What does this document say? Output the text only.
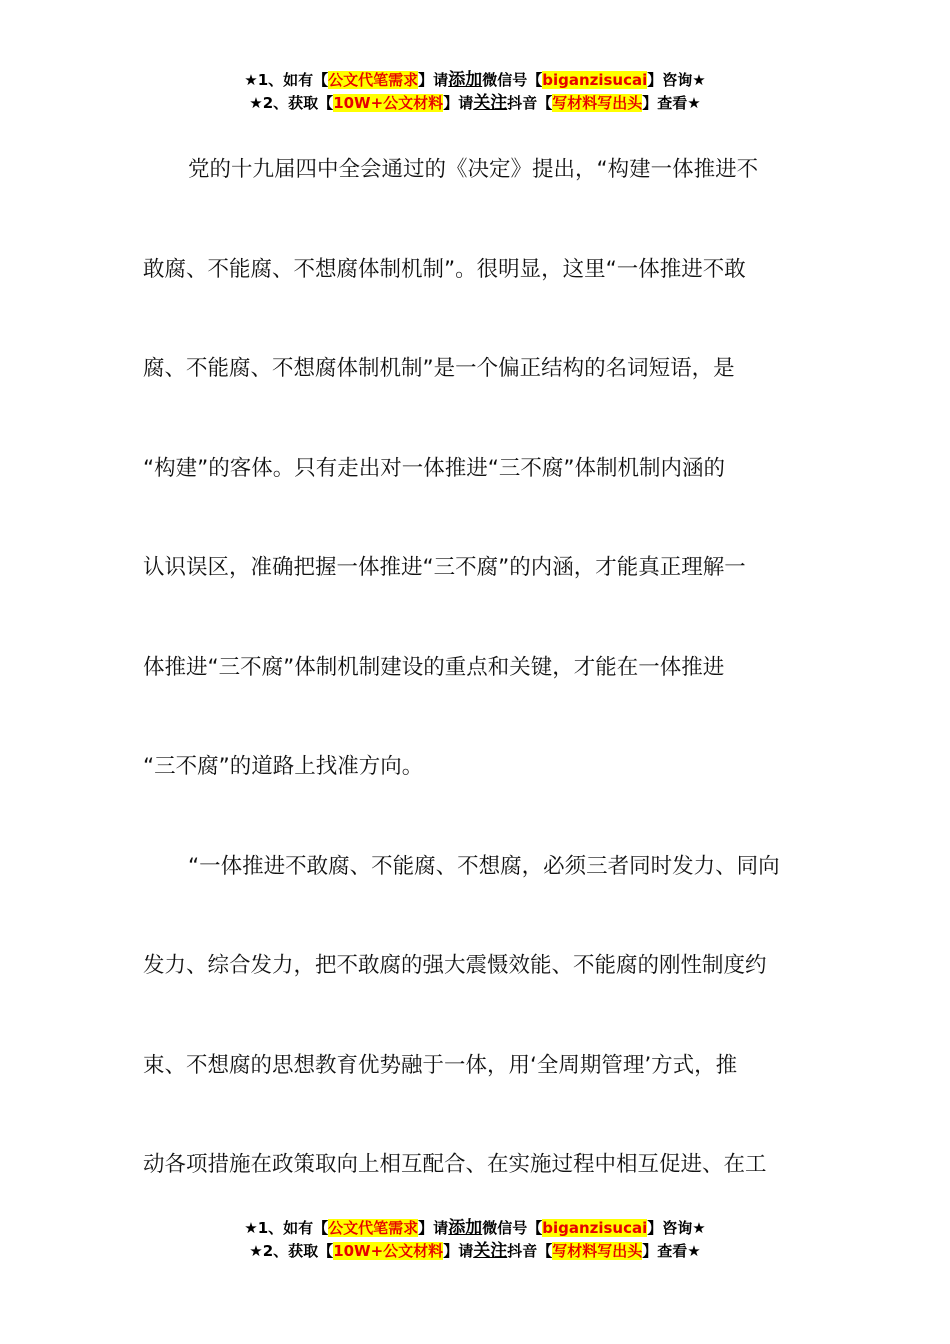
★1、如有【公文代笔需求】请添加微信号【biganzisucai】咨询★
★2、获取【10W+公文材料】请关注抖音【写材料写出头】查看★
党的十九届四中全会通过的《决定》提出，“构建一体推进不
敢腐、不能腐、不想腐体制机制”。很明显，这里“一体推进不敢
腐、不能腐、不想腐体制机制”是一个偏正结构的名词短语，是
“构建”的客体。只有走出对一体推进“三不腐”体制机制内涵的
认识误区，准确把握一体推进“三不腐”的内涵，才能真正理解一
体推进“三不腐”体制机制建设的重点和关键，才能在一体推进
“三不腐”的道路上找准方向。
“一体推进不敢腐、不能腐、不想腐，必须三者同时发力、同向
发力、综合发力，把不敢腐的强大震慑效能、不能腐的刚性制度约
束、不想腐的思想教育优势融于一体，用‘全周期管理’方式，推
动各项措施在政策取向上相互配合、在实施过程中相互促进、在工
★1、如有【公文代笔需求】请添加微信号【biganzisucai】咨询★
★2、获取【10W+公文材料】请关注抖音【写材料写出头】查看★
